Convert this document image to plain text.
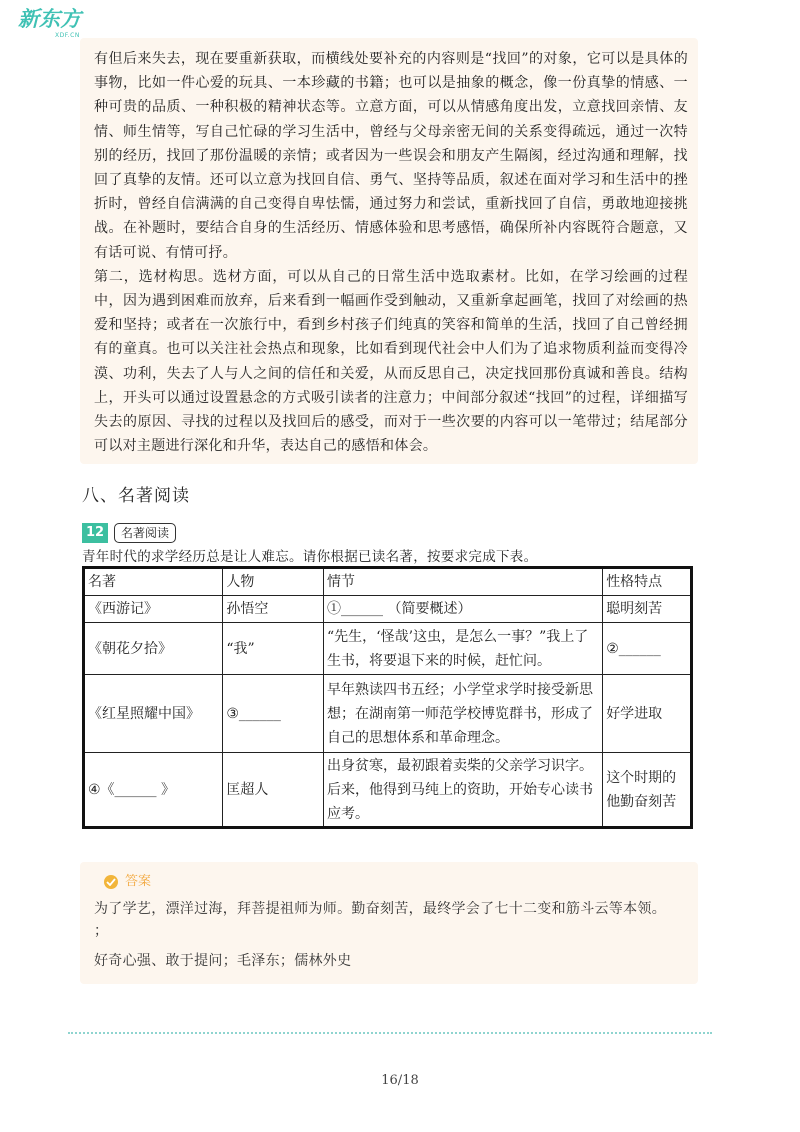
新东方
XDF.CN

有但后来失去，现在要重新获取，而横线处要补充的内容则是“找回”的对象，它可以是具体的事物，比如一件心爱的玩具、一本珍藏的书籍；也可以是抽象的概念，像一份真挚的情感、一种可贵的品质、一种积极的精神状态等。立意方面，可以从情感角度出发，立意找回亲情、友情、师生情等，写自己忙碌的学习生活中，曾经与父母亲密无间的关系变得疏远，通过一次特别的经历，找回了那份温暖的亲情；或者因为一些误会和朋友产生隔阂，经过沟通和理解，找回了真挚的友情。还可以立意为找回自信、勇气、坚持等品质，叙述在面对学习和生活中的挫折时，曾经自信满满的自己变得自卑怯懦，通过努力和尝试，重新找回了自信，勇敢地迎接挑战。在补题时，要结合自身的生活经历、情感体验和思考感悟，确保所补内容既符合题意，又有话可说、有情可抒。

第二，选材构思。选材方面，可以从自己的日常生活中选取素材。比如，在学习绘画的过程中，因为遇到困难而放弃，后来看到一幅画作受到触动，又重新拿起画笔，找回了对绘画的热爱和坚持；或者在一次旅行中，看到乡村孩子们纯真的笑容和简单的生活，找回了自己曾经拥有的童真。也可以关注社会热点和现象，比如看到现代社会中人们为了追求物质利益而变得冷漠、功利，失去了人与人之间的信任和关爱，从而反思自己，决定找回那份真诚和善良。结构上，开头可以通过设置悬念的方式吸引读者的注意力；中间部分叙述“找回”的过程，详细描写失去的原因、寻找的过程以及找回后的感受，而对于一些次要的内容可以一笔带过；结尾部分可以对主题进行深化和升华，表达自己的感悟和体会。

八、名著阅读
12	名著阅读
青年时代的求学经历总是让人难忘。请你根据已读名著，按要求完成下表。
名著	人物	情节	性格特点
《西游记》	孙悟空	①______ （简要概述）	聪明刻苦
《朝花夕拾》	“我”	“先生，‘怪哉’这虫，是怎么一事？”我上了生书，将要退下来的时候，赶忙问。	②______
《红星照耀中国》	③______	早年熟读四书五经；小学堂求学时接受新思想；在湖南第一师范学校博览群书，形成了自己的思想体系和革命理念。	好学进取
④《______ 》	匡超人	出身贫寒，最初跟着卖柴的父亲学习识字。后来，他得到马纯上的资助，开始专心读书应考。	这个时期的他勤奋刻苦
答案
为了学艺，漂洋过海，拜菩提祖师为师。勤奋刻苦，最终学会了七十二变和筋斗云等本领。
；
好奇心强、敢于提问；毛泽东；儒林外史
16/18
